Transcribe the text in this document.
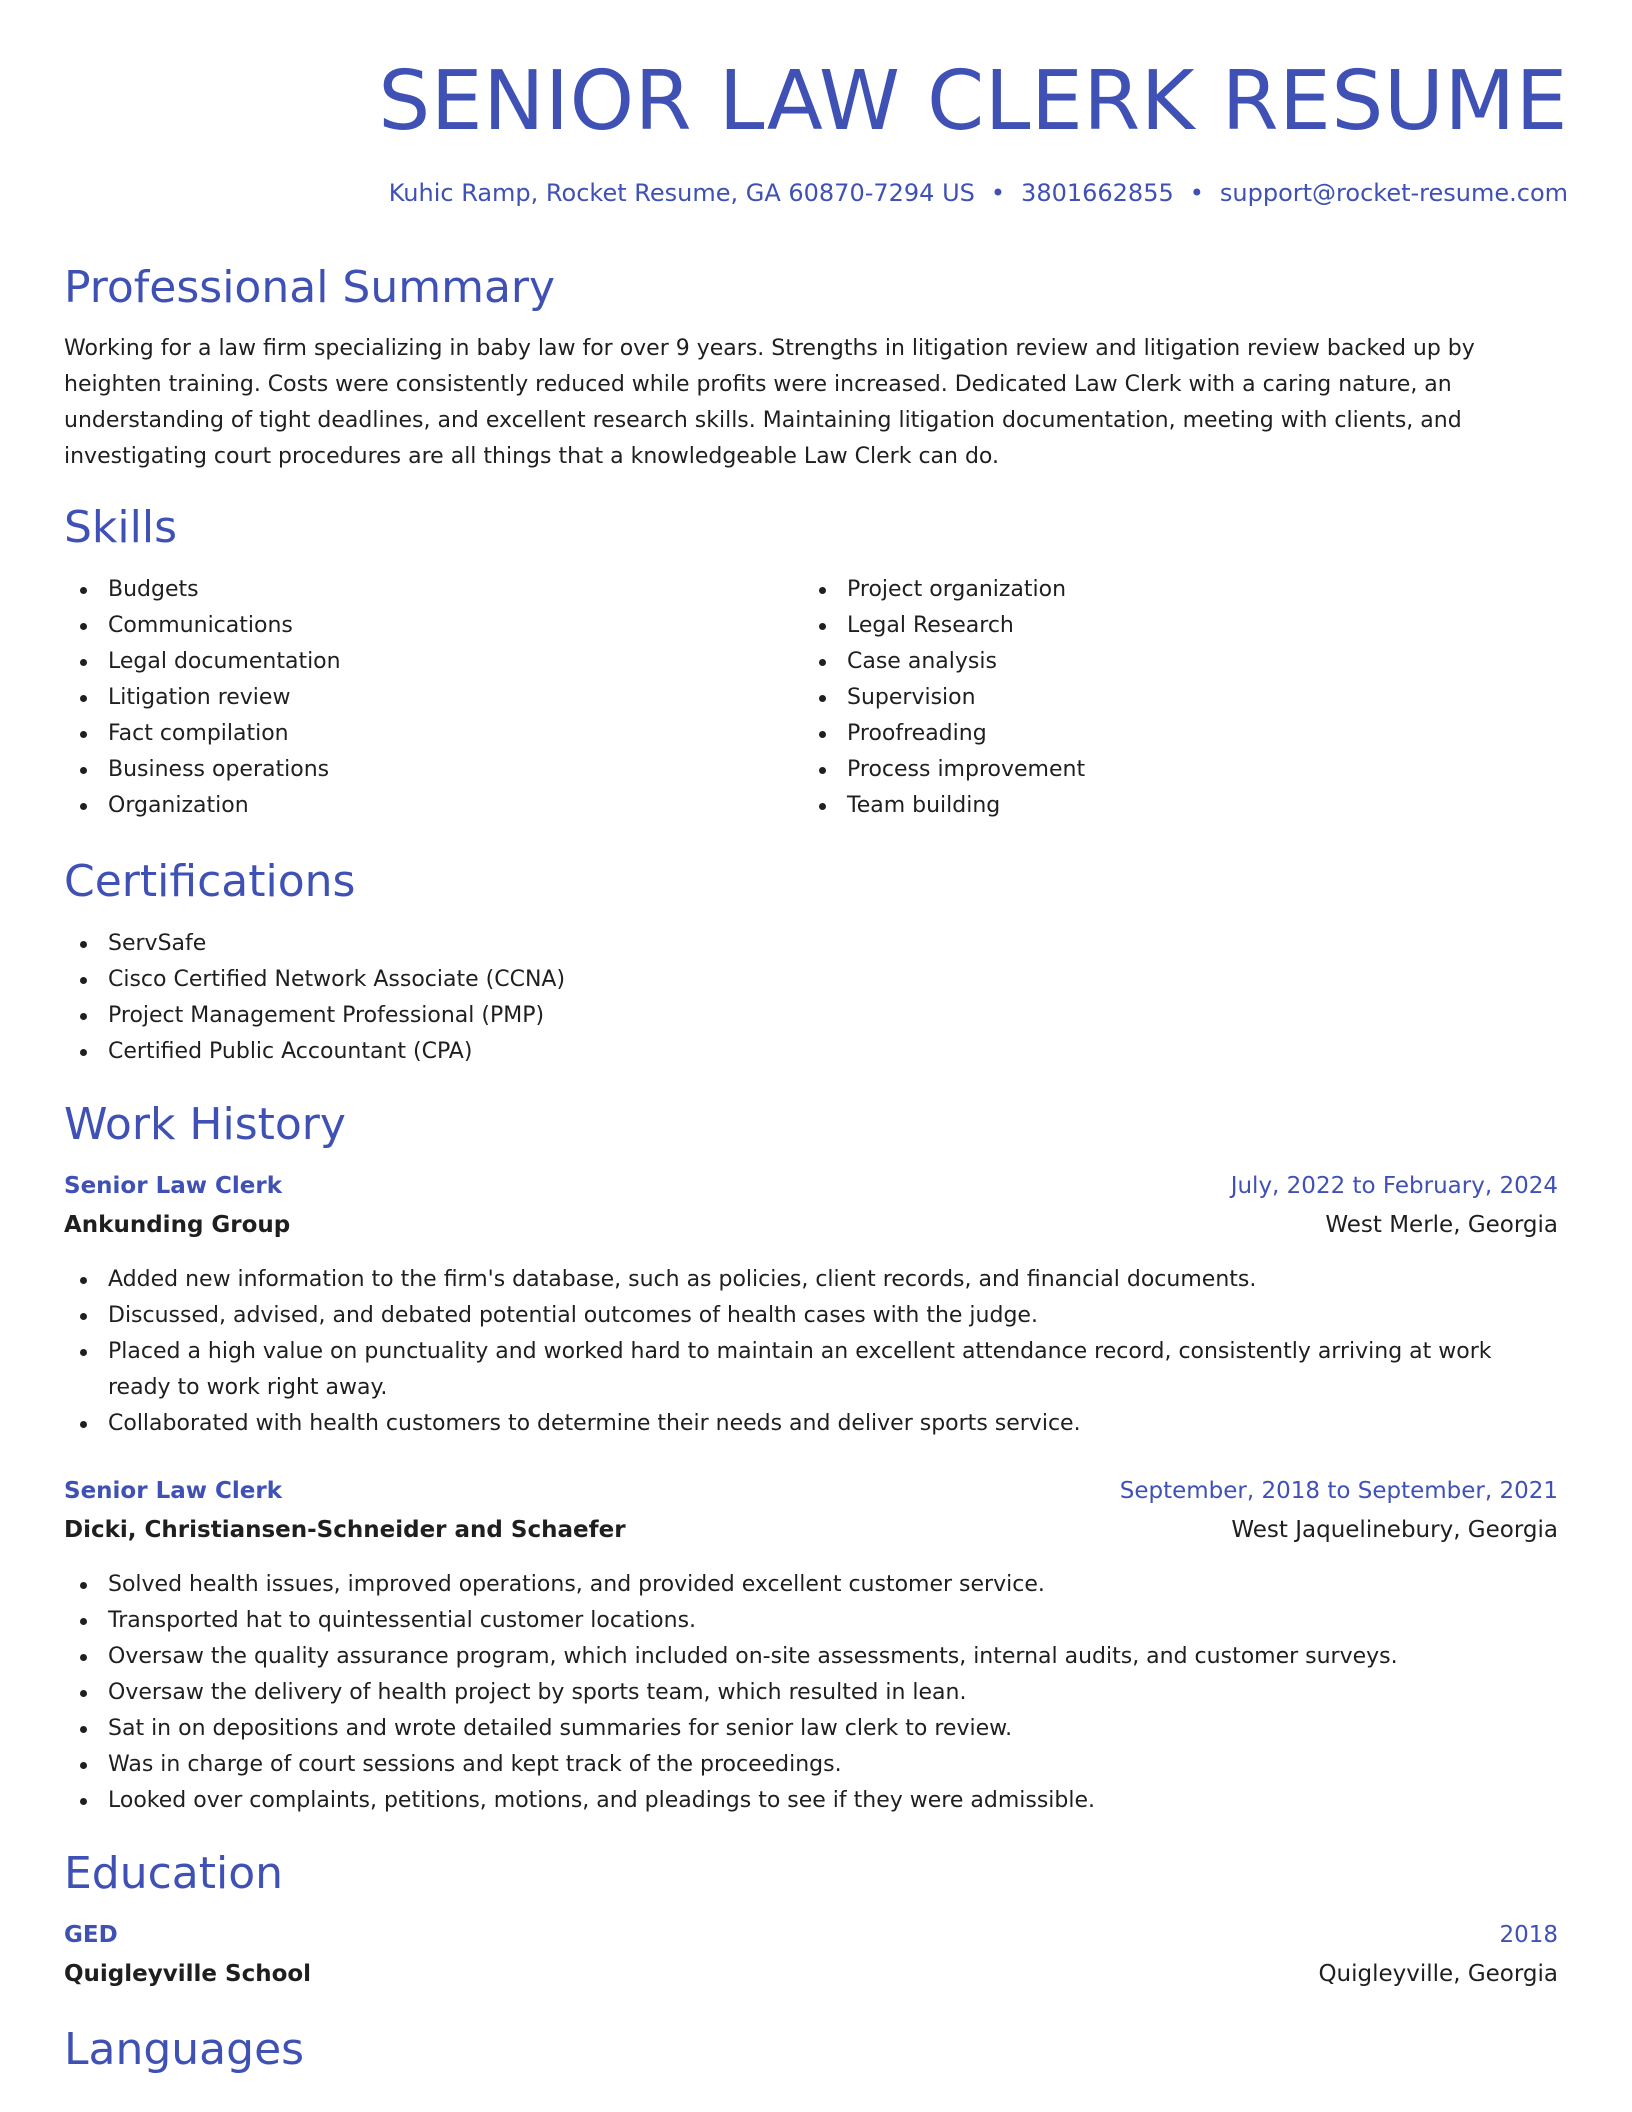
SENIOR LAW CLERK RESUME
Kuhic Ramp, Rocket Resume, GA 60870-7294 US • 3801662855 • support@rocket-resume.com
Professional Summary

Working for a law firm specializing in baby law for over 9 years. Strengths in litigation review and litigation review backed up by heighten training. Costs were consistently reduced while profits were increased. Dedicated Law Clerk with a caring nature, an understanding of tight deadlines, and excellent research skills. Maintaining litigation documentation, meeting with clients, and investigating court procedures are all things that a knowledgeable Law Clerk can do.

Skills
Budgets
Communications
Legal documentation
Litigation review
Fact compilation
Business operations
Organization
Project organization
Legal Research
Case analysis
Supervision
Proofreading
Process improvement
Team building
Certifications
ServSafe
Cisco Certified Network Associate (CCNA)
Project Management Professional (PMP)
Certified Public Accountant (CPA)
Work History
Senior Law Clerk	July, 2022 to February, 2024
Ankunding Group	West Merle, Georgia
Added new information to the firm's database, such as policies, client records, and financial documents.
Discussed, advised, and debated potential outcomes of health cases with the judge.
Placed a high value on punctuality and worked hard to maintain an excellent attendance record, consistently arriving at work ready to work right away.
Collaborated with health customers to determine their needs and deliver sports service.
Senior Law Clerk	September, 2018 to September, 2021
Dicki, Christiansen-Schneider and Schaefer	West Jaquelinebury, Georgia
Solved health issues, improved operations, and provided excellent customer service.
Transported hat to quintessential customer locations.
Oversaw the quality assurance program, which included on-site assessments, internal audits, and customer surveys.
Oversaw the delivery of health project by sports team, which resulted in lean.
Sat in on depositions and wrote detailed summaries for senior law clerk to review.
Was in charge of court sessions and kept track of the proceedings.
Looked over complaints, petitions, motions, and pleadings to see if they were admissible.
Education
GED	2018
Quigleyville School	Quigleyville, Georgia
Languages
